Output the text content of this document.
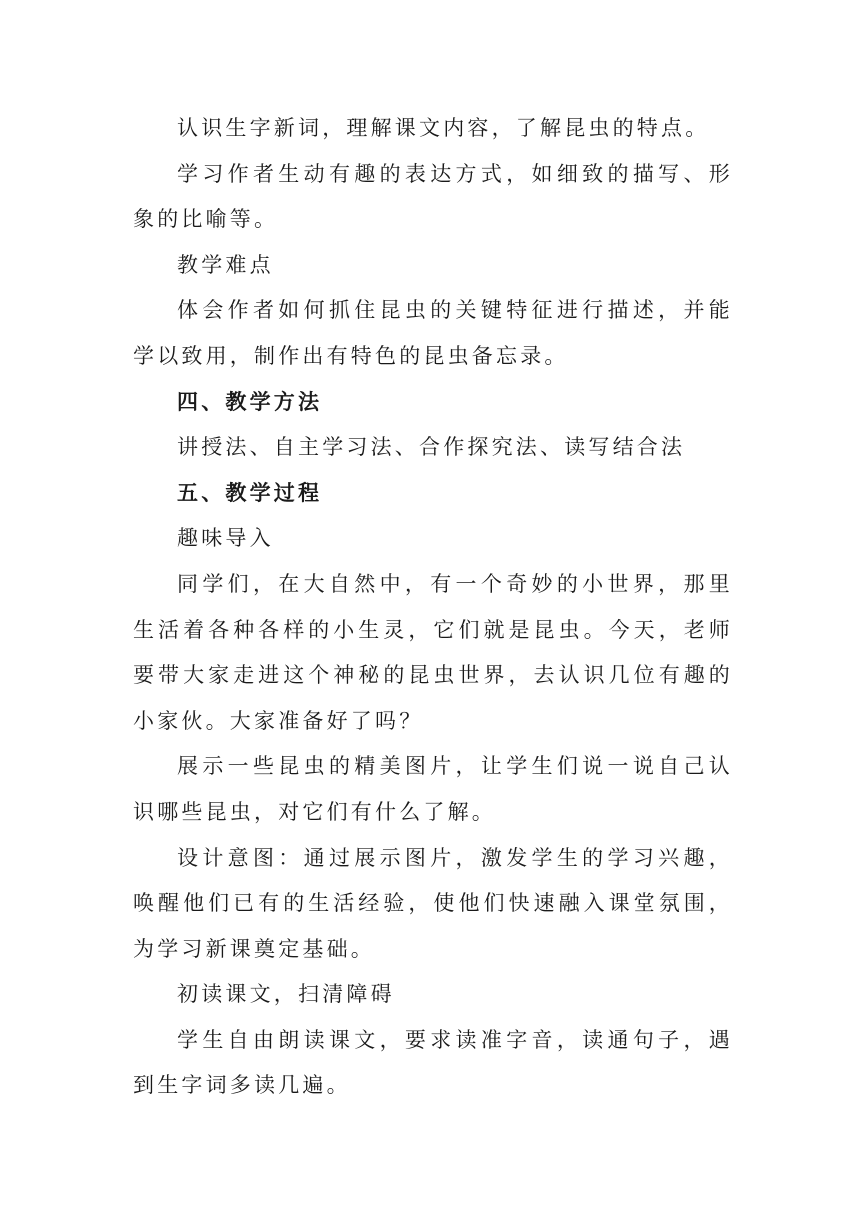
认识生字新词，理解课文内容，了解昆虫的特点。

学习作者生动有趣的表达方式，如细致的描写、形象的比喻等。

教学难点

体会作者如何抓住昆虫的关键特征进行描述，并能学以致用，制作出有特色的昆虫备忘录。

四、教学方法

讲授法、自主学习法、合作探究法、读写结合法

五、教学过程

趣味导入

同学们，在大自然中，有一个奇妙的小世界，那里生活着各种各样的小生灵，它们就是昆虫。今天，老师要带大家走进这个神秘的昆虫世界，去认识几位有趣的小家伙。大家准备好了吗？

展示一些昆虫的精美图片，让学生们说一说自己认识哪些昆虫，对它们有什么了解。

设计意图：通过展示图片，激发学生的学习兴趣，唤醒他们已有的生活经验，使他们快速融入课堂氛围，为学习新课奠定基础。

初读课文，扫清障碍

学生自由朗读课文，要求读准字音，读通句子，遇到生字词多读几遍。
